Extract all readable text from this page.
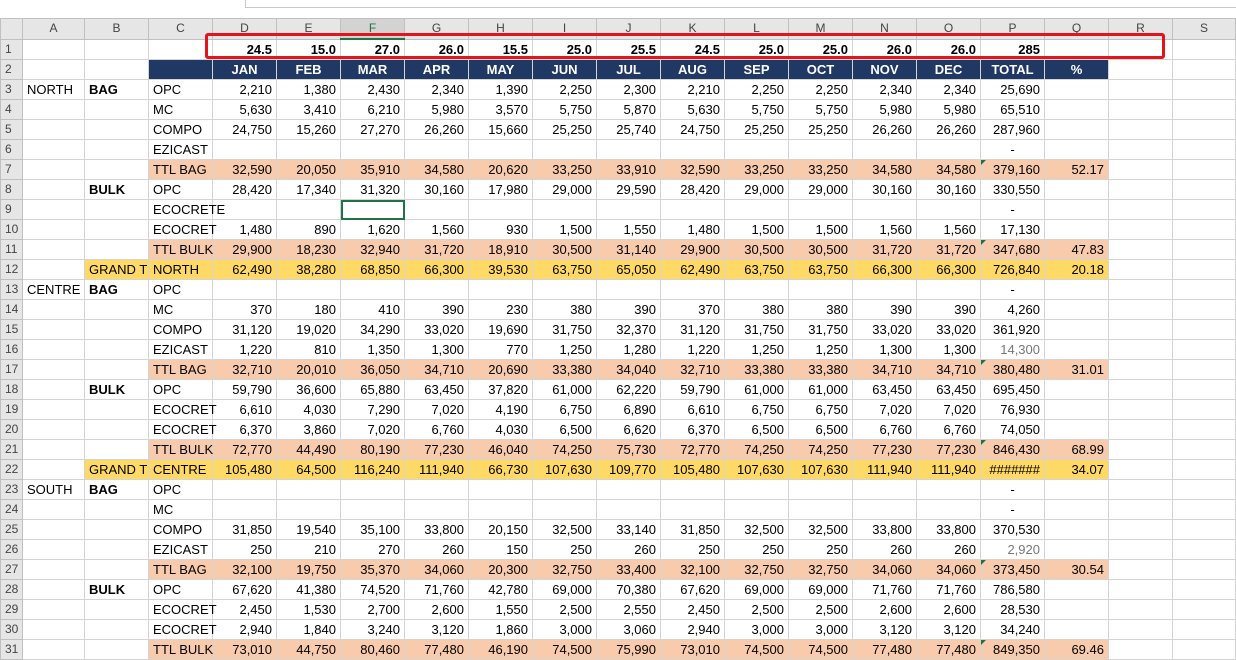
	A	B	C	D	E	F	G	H	I	J	K	L	M	N	O	P	Q	R	S
1				24.5	15.0	27.0	26.0	15.5	25.0	25.5	24.5	25.0	25.0	26.0	26.0	285			
2				JAN	FEB	MAR	APR	MAY	JUN	JUL	AUG	SEP	OCT	NOV	DEC	TOTAL	%		
3	NORTH	BAG	OPC	2,210	1,380	2,430	2,340	1,390	2,250	2,300	2,210	2,250	2,250	2,340	2,340	25,690			
4			MC	5,630	3,410	6,210	5,980	3,570	5,750	5,870	5,630	5,750	5,750	5,980	5,980	65,510			
5			COMPO	24,750	15,260	27,270	26,260	15,660	25,250	25,740	24,750	25,250	25,250	26,260	26,260	287,960			
6			EZICAST													-			
7			TTL BAG	32,590	20,050	35,910	34,580	20,620	33,250	33,910	32,590	33,250	33,250	34,580	34,580	379,160	52.17		
8		BULK	OPC	28,420	17,340	31,320	30,160	17,980	29,000	29,590	28,420	29,000	29,000	30,160	30,160	330,550			
9			ECOCRETE													-			
10			ECOCRET	1,480	890	1,620	1,560	930	1,500	1,550	1,480	1,500	1,500	1,560	1,560	17,130			
11			TTL BULK	29,900	18,230	32,940	31,720	18,910	30,500	31,140	29,900	30,500	30,500	31,720	31,720	347,680	47.83		
12		GRAND T	NORTH	62,490	38,280	68,850	66,300	39,530	63,750	65,050	62,490	63,750	63,750	66,300	66,300	726,840	20.18		
13	CENTRE	BAG	OPC													-			
14			MC	370	180	410	390	230	380	390	370	380	380	390	390	4,260			
15			COMPO	31,120	19,020	34,290	33,020	19,690	31,750	32,370	31,120	31,750	31,750	33,020	33,020	361,920			
16			EZICAST	1,220	810	1,350	1,300	770	1,250	1,280	1,220	1,250	1,250	1,300	1,300	14,300			
17			TTL BAG	32,710	20,010	36,050	34,710	20,690	33,380	34,040	32,710	33,380	33,380	34,710	34,710	380,480	31.01		
18		BULK	OPC	59,790	36,600	65,880	63,450	37,820	61,000	62,220	59,790	61,000	61,000	63,450	63,450	695,450			
19			ECOCRET	6,610	4,030	7,290	7,020	4,190	6,750	6,890	6,610	6,750	6,750	7,020	7,020	76,930			
20			ECOCRET	6,370	3,860	7,020	6,760	4,030	6,500	6,620	6,370	6,500	6,500	6,760	6,760	74,050			
21			TTL BULK	72,770	44,490	80,190	77,230	46,040	74,250	75,730	72,770	74,250	74,250	77,230	77,230	846,430	68.99		
22		GRAND T	CENTRE	105,480	64,500	116,240	111,940	66,730	107,630	109,770	105,480	107,630	107,630	111,940	111,940	#######	34.07		
23	SOUTH	BAG	OPC													-			
24			MC													-			
25			COMPO	31,850	19,540	35,100	33,800	20,150	32,500	33,140	31,850	32,500	32,500	33,800	33,800	370,530			
26			EZICAST	250	210	270	260	150	250	260	250	250	250	260	260	2,920			
27			TTL BAG	32,100	19,750	35,370	34,060	20,300	32,750	33,400	32,100	32,750	32,750	34,060	34,060	373,450	30.54		
28		BULK	OPC	67,620	41,380	74,520	71,760	42,780	69,000	70,380	67,620	69,000	69,000	71,760	71,760	786,580			
29			ECOCRET	2,450	1,530	2,700	2,600	1,550	2,500	2,550	2,450	2,500	2,500	2,600	2,600	28,530			
30			ECOCRET	2,940	1,840	3,240	3,120	1,860	3,000	3,060	2,940	3,000	3,000	3,120	3,120	34,240			
31			TTL BULK	73,010	44,750	80,460	77,480	46,190	74,500	75,990	73,010	74,500	74,500	77,480	77,480	849,350	69.46		
